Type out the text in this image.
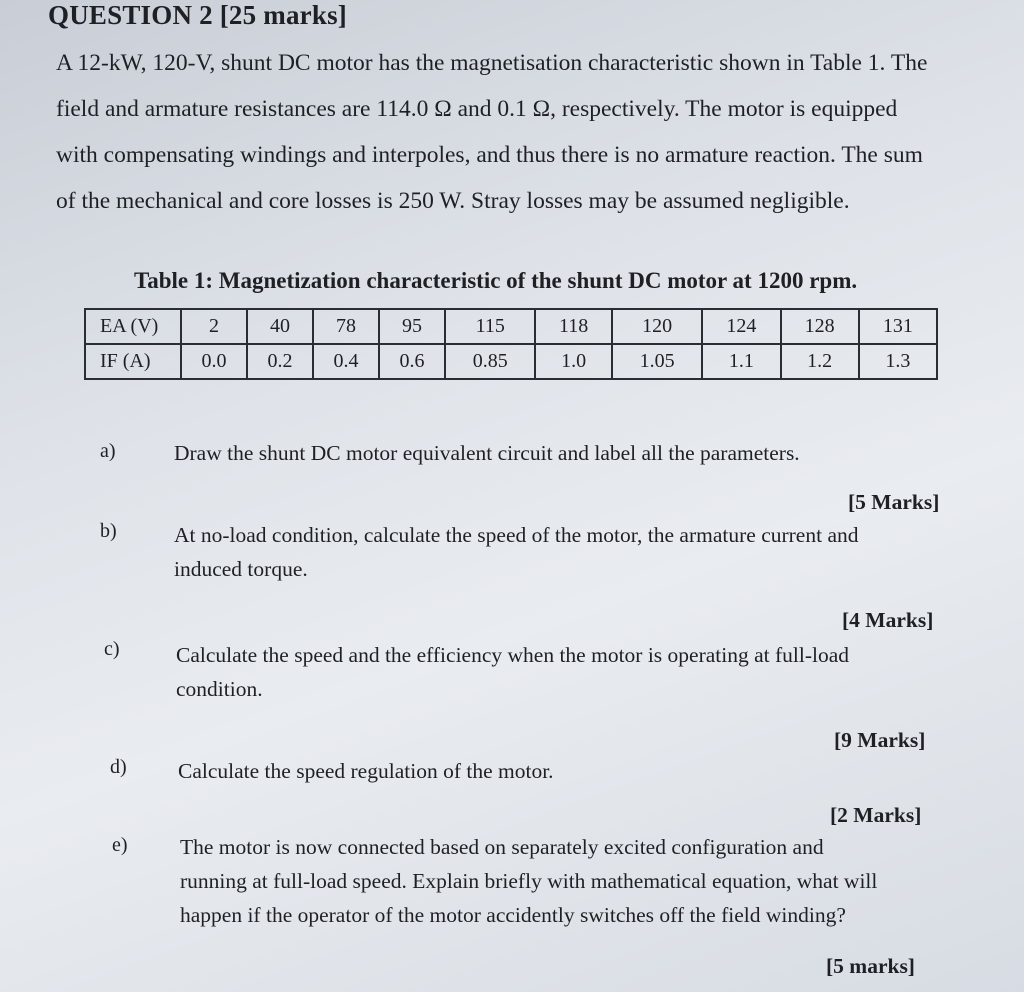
QUESTION 2 [25 marks]
A 12-kW, 120-V, shunt DC motor has the magnetisation characteristic shown in Table 1. The
field and armature resistances are 114.0 Ω and 0.1 Ω, respectively. The motor is equipped
with compensating windings and interpoles, and thus there is no armature reaction. The sum
of the mechanical and core losses is 250 W. Stray losses may be assumed negligible.
Table 1: Magnetization characteristic of the shunt DC motor at 1200 rpm.
EA (V)	2	40	78	95	115	118	120	124	128	131
IF (A)	0.0	0.2	0.4	0.6	0.85	1.0	1.05	1.1	1.2	1.3
a)	Draw the shunt DC motor equivalent circuit and label all the parameters.
[5 Marks]
b)	At no-load condition, calculate the speed of the motor, the armature current and
induced torque.
[4 Marks]
c)	Calculate the speed and the efficiency when the motor is operating at full-load
condition.
[9 Marks]
d) Calculate the speed regulation of the motor.
[2 Marks]
e) The motor is now connected based on separately excited configuration and
running at full-load speed. Explain briefly with mathematical equation, what will
happen if the operator of the motor accidently switches off the field winding?
[5 marks]
